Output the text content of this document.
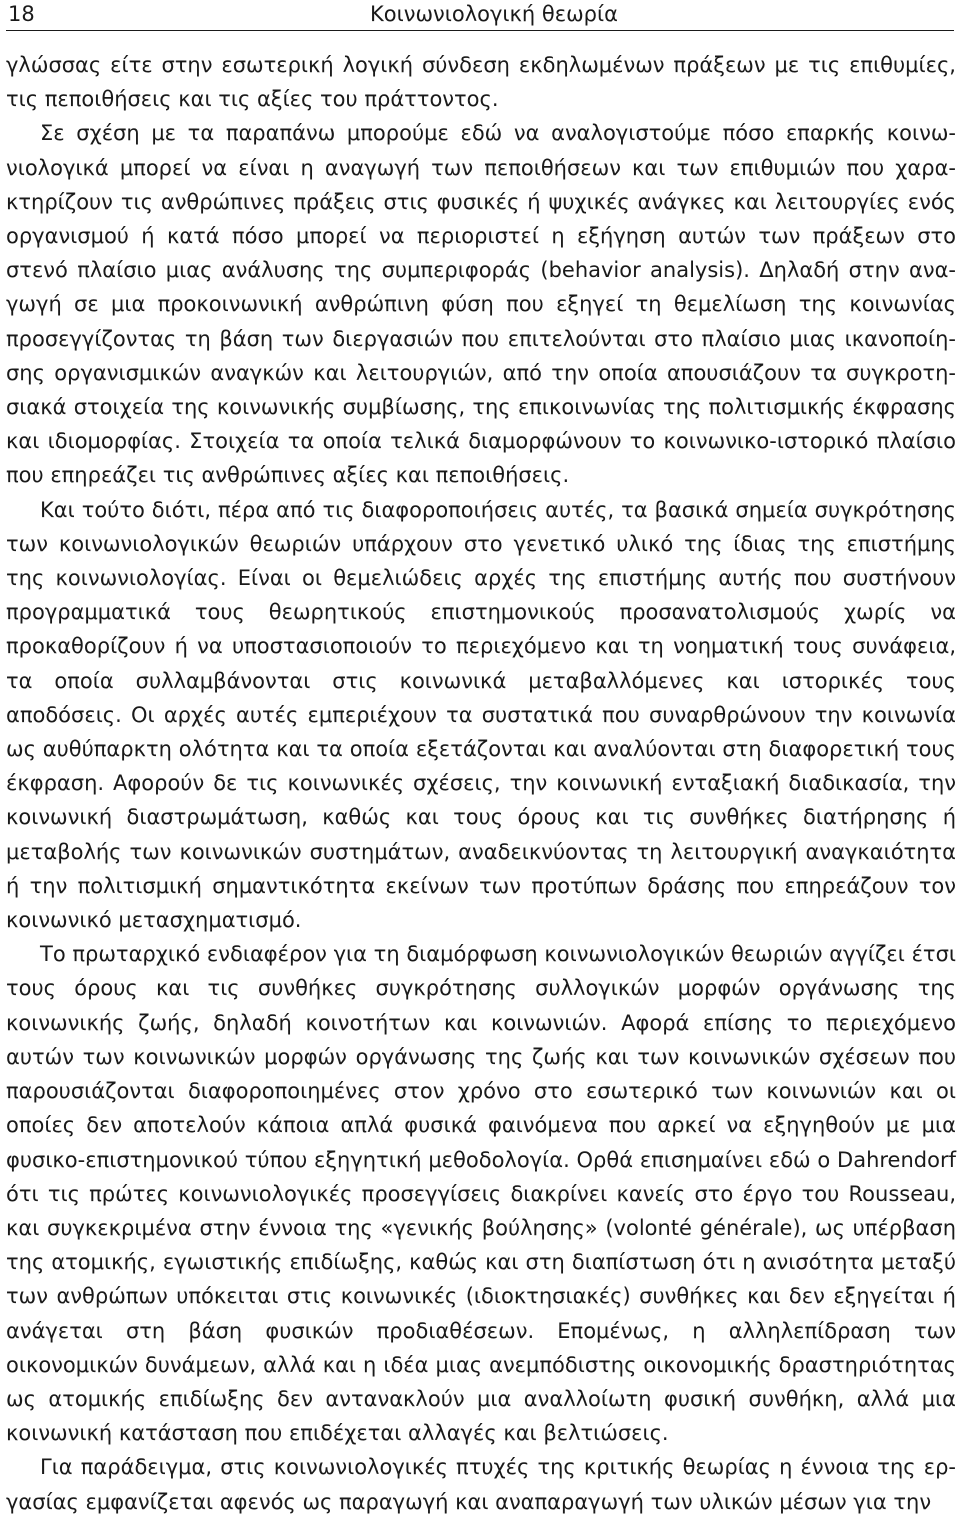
18	Κοινωνιολογική θεωρία

γλώσσας είτε στην εσωτερική λογική σύνδεση εκδηλωμένων πράξεων με τις επιθυμίες, τις πεποιθήσεις και τις αξίες του πράττοντος.

Σε σχέση με τα παραπάνω μπορούμε εδώ να αναλογιστούμε πόσο επαρκής κοινωνιολογικά μπορεί να είναι η αναγωγή των πεποιθήσεων και των επιθυμιών που χαρακτηρίζουν τις ανθρώπινες πράξεις στις φυσικές ή ψυχικές ανάγκες και λειτουργίες ενός οργανισμού ή κατά πόσο μπορεί να περιοριστεί η εξήγηση αυτών των πράξεων στο στενό πλαίσιο μιας ανάλυσης της συμπεριφοράς (behavior analysis). Δηλαδή στην αναγωγή σε μια προκοινωνική ανθρώπινη φύση που εξηγεί τη θεμελίωση της κοινωνίας προσεγγίζοντας τη βάση των διεργασιών που επιτελούνται στο πλαίσιο μιας ικανοποίησης οργανισμικών αναγκών και λειτουργιών, από την οποία απουσιάζουν τα συγκροτησιακά στοιχεία της κοινωνικής συμβίωσης, της επικοινωνίας της πολιτισμικής έκφρασης και ιδιομορφίας. Στοιχεία τα οποία τελικά διαμορφώνουν το κοινωνικο-ιστορικό πλαίσιο που επηρεάζει τις ανθρώπινες αξίες και πεποιθήσεις.

Και τούτο διότι, πέρα από τις διαφοροποιήσεις αυτές, τα βασικά σημεία συγκρότησης των κοινωνιολογικών θεωριών υπάρχουν στο γενετικό υλικό της ίδιας της επιστήμης της κοινωνιολογίας. Είναι οι θεμελιώδεις αρχές της επιστήμης αυτής που συστήνουν προγραμματικά τους θεωρητικούς επιστημονικούς προσανατολισμούς χωρίς να προκαθορίζουν ή να υποστασιοποιούν το περιεχόμενο και τη νοηματική τους συνάφεια, τα οποία συλλαμβάνονται στις κοινωνικά μεταβαλλόμενες και ιστορικές τους αποδόσεις. Οι αρχές αυτές εμπεριέχουν τα συστατικά που συναρθρώνουν την κοινωνία ως αυθύπαρκτη ολότητα και τα οποία εξετάζονται και αναλύονται στη διαφορετική τους έκφραση. Αφορούν δε τις κοινωνικές σχέσεις, την κοινωνική ενταξιακή διαδικασία, την κοινωνική διαστρωμάτωση, καθώς και τους όρους και τις συνθήκες διατήρησης ή μεταβολής των κοινωνικών συστημάτων, αναδεικνύοντας τη λειτουργική αναγκαιότητα ή την πολιτισμική σημαντικότητα εκείνων των προτύπων δράσης που επηρεάζουν τον κοινωνικό μετασχηματισμό.

Το πρωταρχικό ενδιαφέρον για τη διαμόρφωση κοινωνιολογικών θεωριών αγγίζει έτσι τους όρους και τις συνθήκες συγκρότησης συλλογικών μορφών οργάνωσης της κοινωνικής ζωής, δηλαδή κοινοτήτων και κοινωνιών. Αφορά επίσης το περιεχόμενο αυτών των κοινωνικών μορφών οργάνωσης της ζωής και των κοινωνικών σχέσεων που παρουσιάζονται διαφοροποιημένες στον χρόνο στο εσωτερικό των κοινωνιών και οι οποίες δεν αποτελούν κάποια απλά φυσικά φαινόμενα που αρκεί να εξηγηθούν με μια φυσικο-επιστημονικού τύπου εξηγητική μεθοδολογία. Ορθά επισημαίνει εδώ ο Dahrendorf ότι τις πρώτες κοινωνιολογικές προσεγγίσεις διακρίνει κανείς στο έργο του Rousseau, και συγκεκριμένα στην έννοια της «γενικής βούλησης» (volonté générale), ως υπέρβαση της ατομικής, εγωιστικής επιδίωξης, καθώς και στη διαπίστωση ότι η ανισότητα μεταξύ των ανθρώπων υπόκειται στις κοινωνικές (ιδιοκτησιακές) συνθήκες και δεν εξηγείται ή ανάγεται στη βάση φυσικών προδιαθέσεων. Επομένως, η αλληλεπίδραση των οικονομικών δυνάμεων, αλλά και η ιδέα μιας ανεμπόδιστης οικονομικής δραστηριότητας ως ατομικής επιδίωξης δεν αντανακλούν μια αναλλοίωτη φυσική συνθήκη, αλλά μια κοινωνική κατάσταση που επιδέχεται αλλαγές και βελτιώσεις.

Για παράδειγμα, στις κοινωνιολογικές πτυχές της κριτικής θεωρίας η έννοια της εργασίας εμφανίζεται αφενός ως παραγωγή και αναπαραγωγή των υλικών μέσων για την
